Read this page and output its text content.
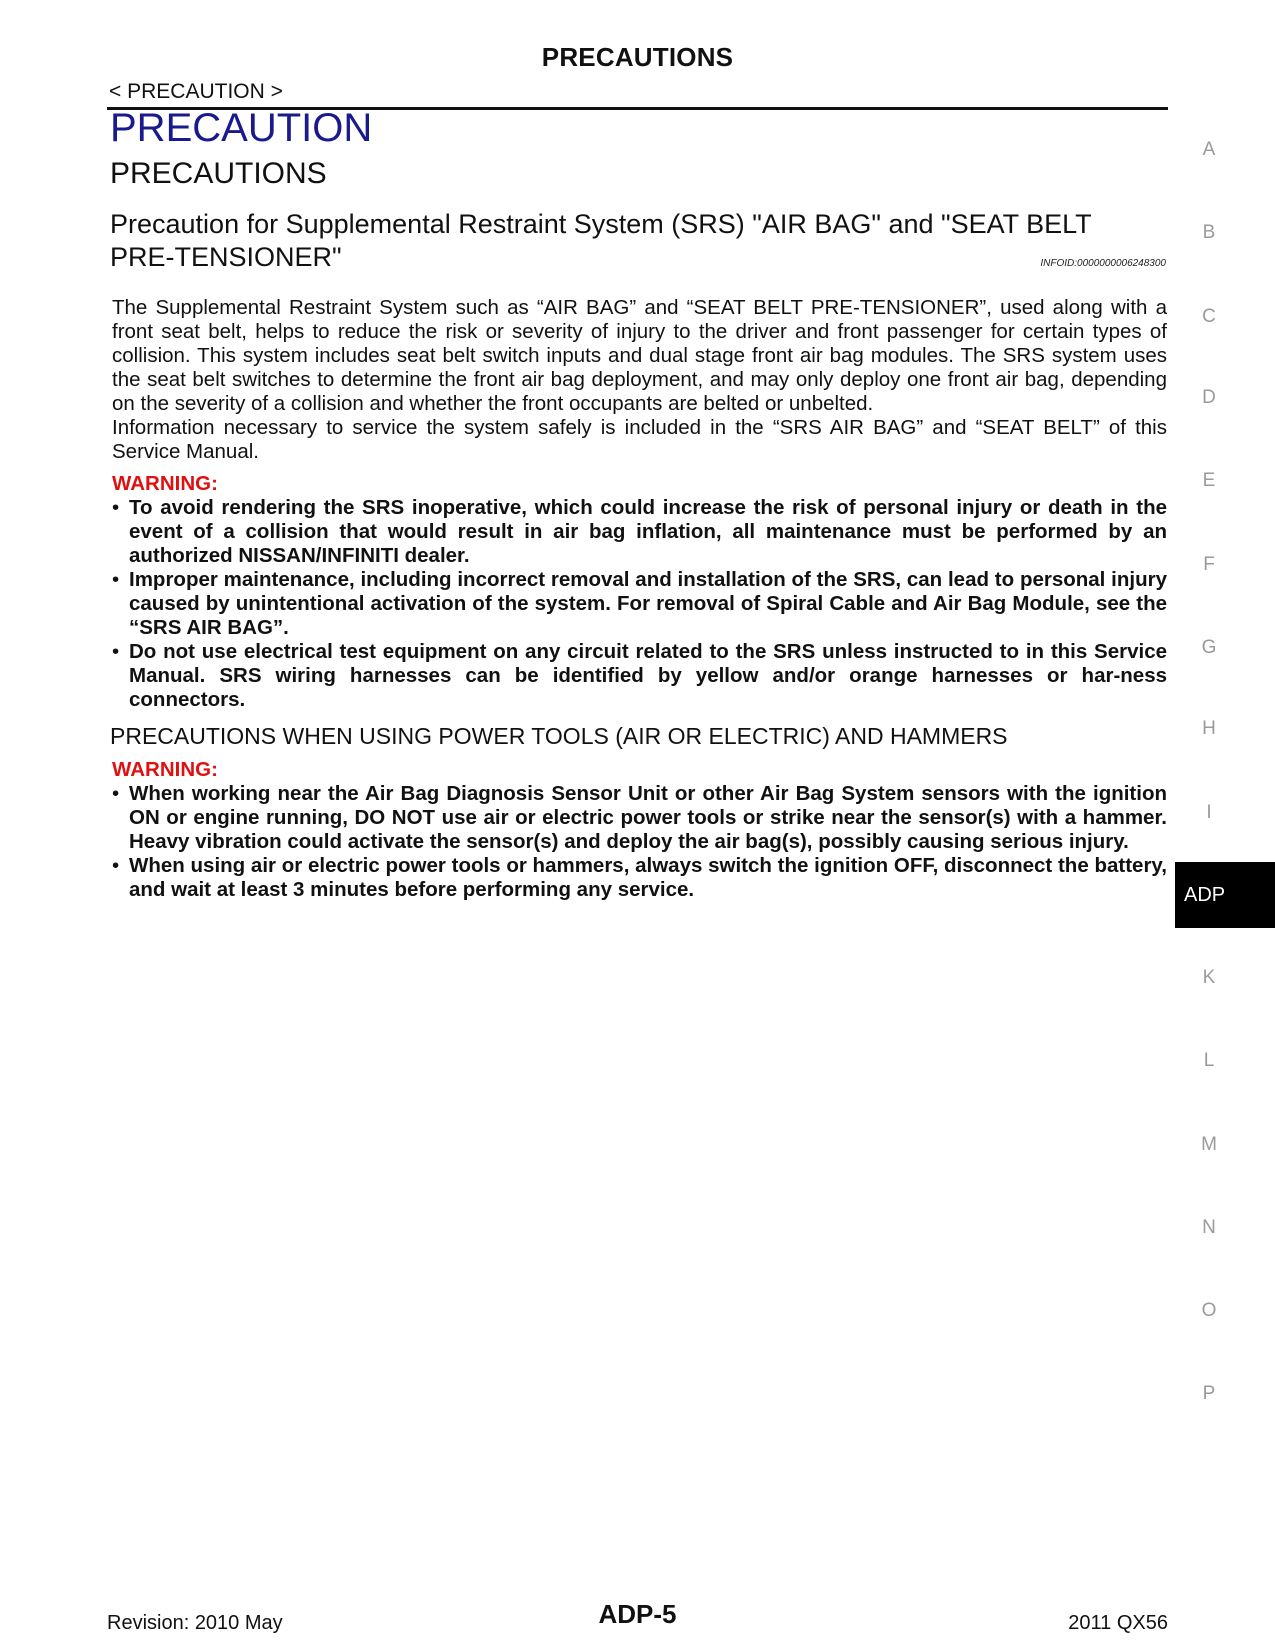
PRECAUTIONS
< PRECAUTION >
PRECAUTION
PRECAUTIONS
Precaution for Supplemental Restraint System (SRS) "AIR BAG" and "SEAT BELT
PRE-TENSIONER"	INFOID:0000000006248300

The Supplemental Restraint System such as “AIR BAG” and “SEAT BELT PRE-TENSIONER”, used along with a front seat belt, helps to reduce the risk or severity of injury to the driver and front passenger for certain types of collision. This system includes seat belt switch inputs and dual stage front air bag modules. The SRS system uses the seat belt switches to determine the front air bag deployment, and may only deploy one front air bag, depending on the severity of a collision and whether the front occupants are belted or unbelted.

Information necessary to service the system safely is included in the “SRS AIR BAG” and “SEAT BELT” of this Service Manual.

WARNING:
• To avoid rendering the SRS inoperative, which could increase the risk of personal injury or death in the event of a collision that would result in air bag inflation, all maintenance must be performed by an authorized NISSAN/INFINITI dealer.
• Improper maintenance, including incorrect removal and installation of the SRS, can lead to personal injury caused by unintentional activation of the system. For removal of Spiral Cable and Air Bag Module, see the “SRS AIR BAG”.
• Do not use electrical test equipment on any circuit related to the SRS unless instructed to in this Service Manual. SRS wiring harnesses can be identified by yellow and/or orange harnesses or har-ness connectors.
PRECAUTIONS WHEN USING POWER TOOLS (AIR OR ELECTRIC) AND HAMMERS
WARNING:
• When working near the Air Bag Diagnosis Sensor Unit or other Air Bag System sensors with the ignition ON or engine running, DO NOT use air or electric power tools or strike near the sensor(s) with a hammer. Heavy vibration could activate the sensor(s) and deploy the air bag(s), possibly causing serious injury.
• When using air or electric power tools or hammers, always switch the ignition OFF, disconnect the battery, and wait at least 3 minutes before performing any service.
A
B
C
D
E
F
G
H
I
ADP
K
L
M
N
O
P
Revision: 2010 May	ADP-5	2011 QX56
